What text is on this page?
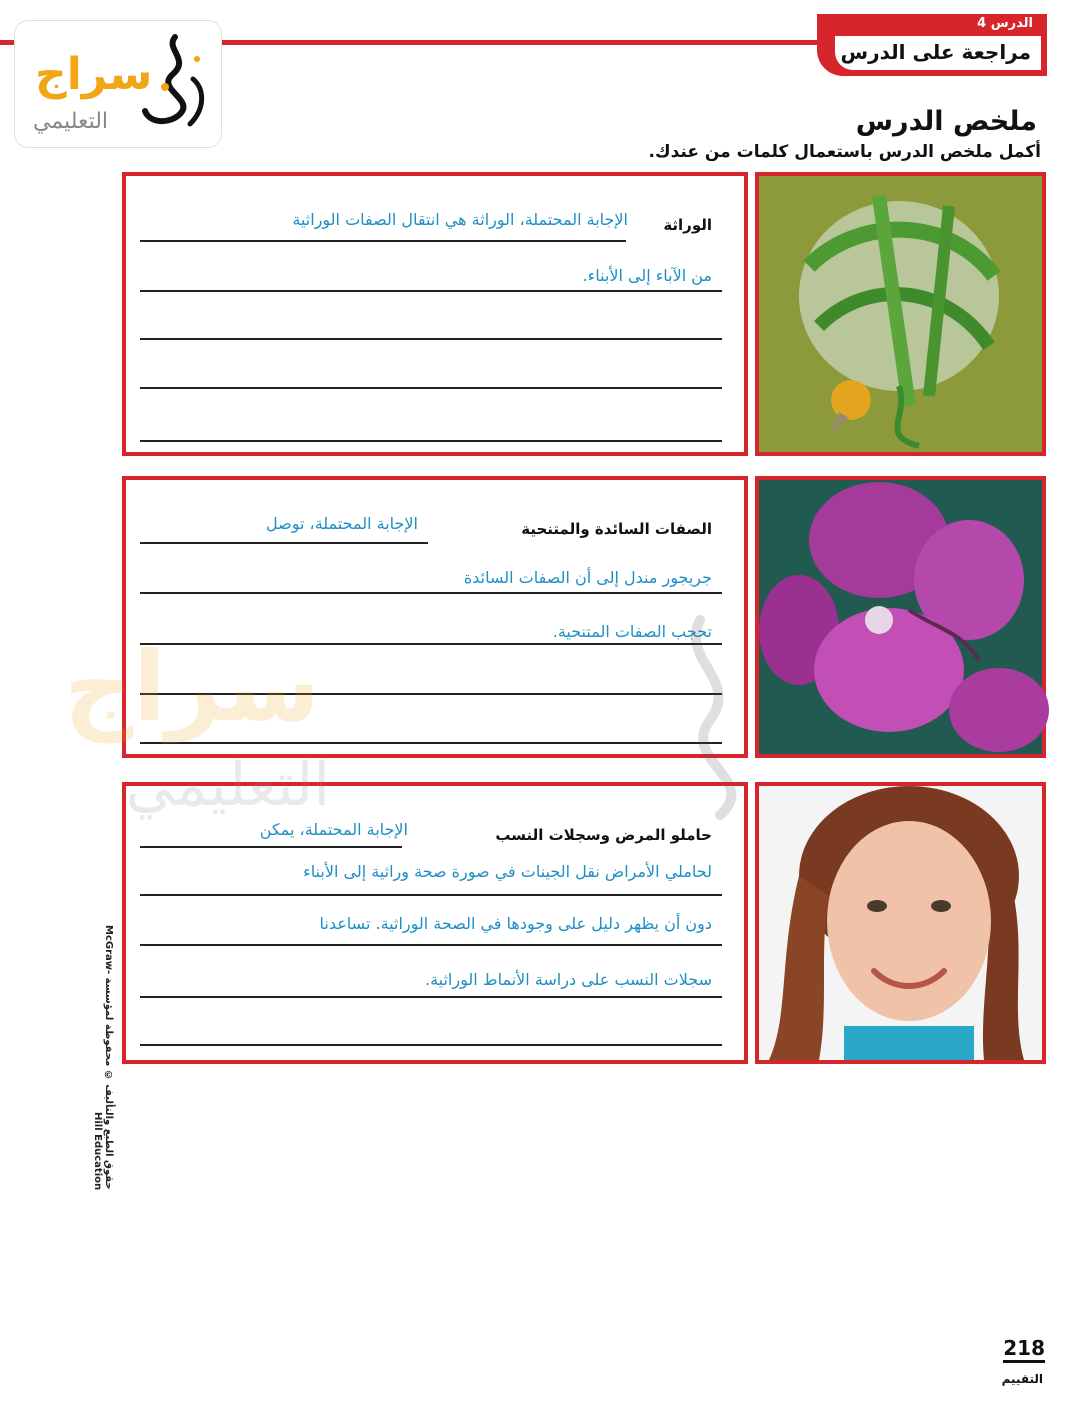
الدرس 4
مراجعة على الدرس
سراج
التعليمي	ملخص الدرس
أكمل ملخص الدرس باستعمال كلمات من عندك.
الوراثة
الإجابة المحتملة، الوراثة هي انتقال الصفات الوراثية
من الآباء إلى الأبناء.
الصفات السائدة والمتنحية
الإجابة المحتملة، توصل
جريجور مندل إلى أن الصفات السائدة
تحجب الصفات المتنحية.
حاملو المرض وسجلات النسب
الإجابة المحتملة، يمكن
لحاملي الأمراض نقل الجينات في صورة صحة وراثية إلى الأبناء
دون أن يظهر دليل على وجودها في الصحة الوراثية. تساعدنا
سجلات النسب على دراسة الأنماط الوراثية.
حقوق الطبع والتأليف © محفوظة لمؤسسة McGraw-Hill Education
218
التقييم
